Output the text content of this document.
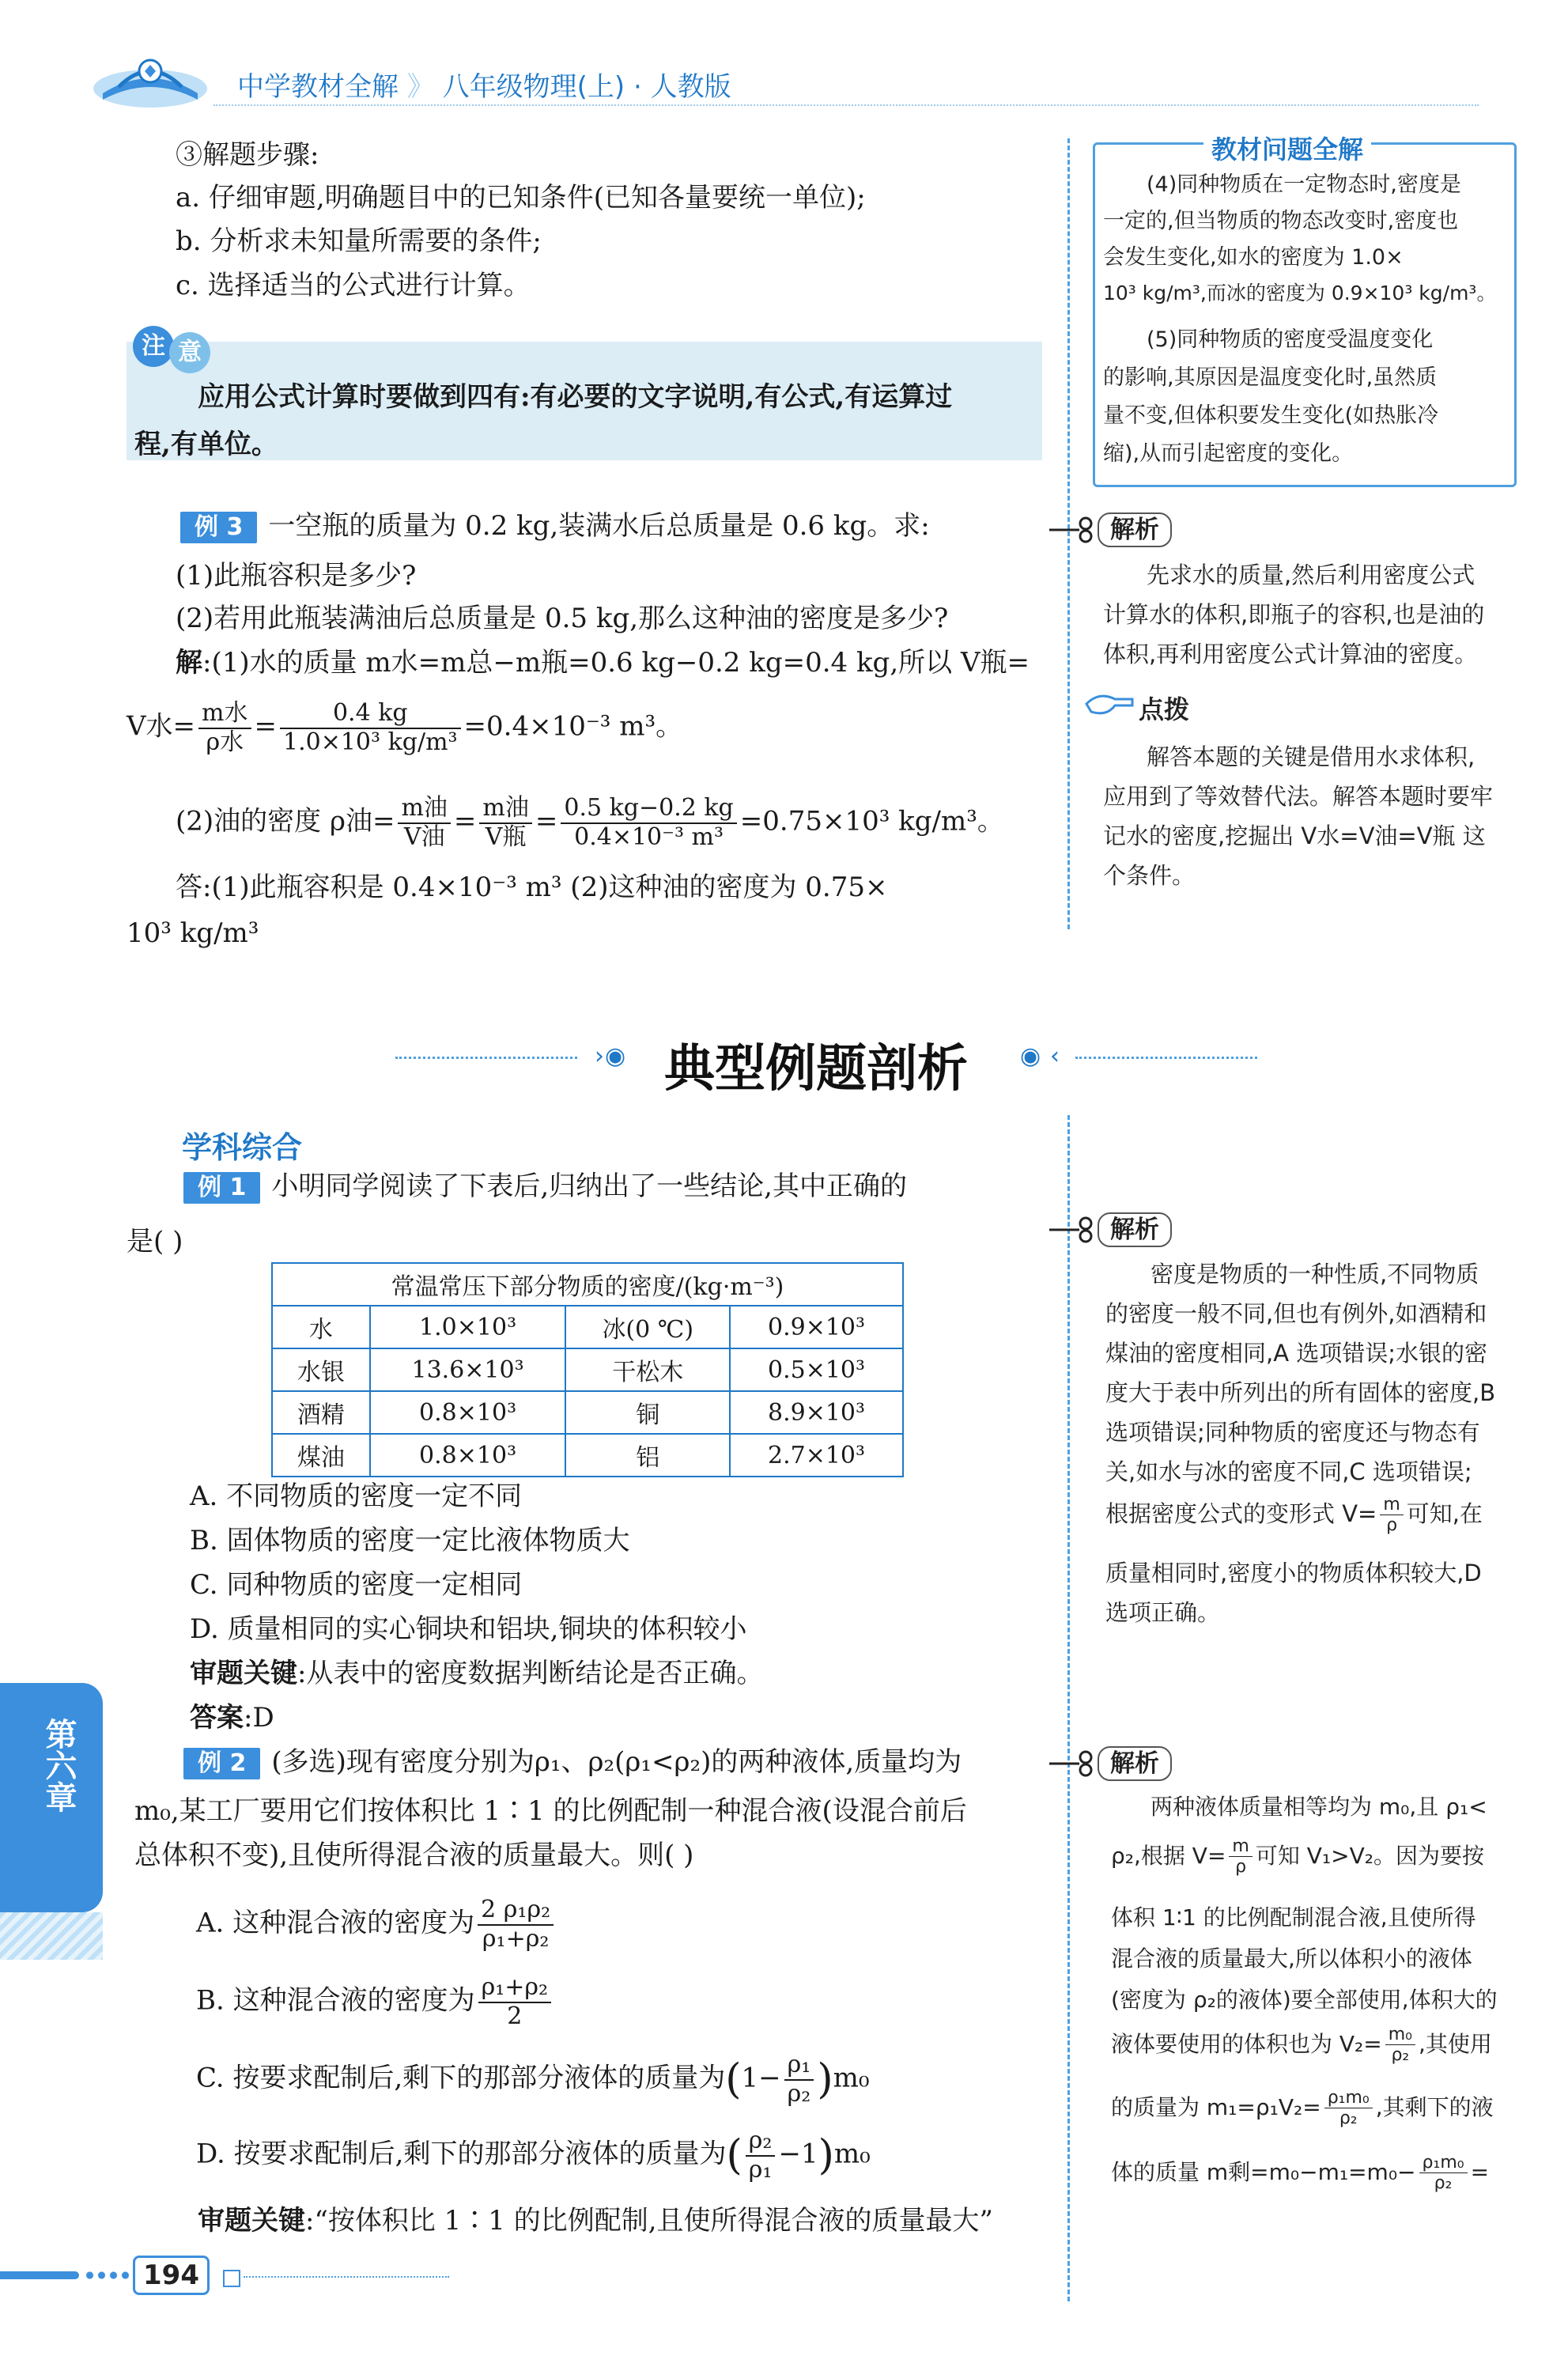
中学教材全解 》 八年级物理(上) · 人教版
③解题步骤:
a. 仔细审题,明确题目中的已知条件(已知各量要统一单位);
b. 分析求未知量所需要的条件;
c. 选择适当的公式进行计算。
注 意
应用公式计算时要做到四有:有必要的文字说明,有公式,有运算过
程,有单位。
教材问题全解
(4)同种物质在一定物态时,密度是
一定的,但当物质的物态改变时,密度也
会发生变化,如水的密度为 1.0×
10³ kg/m³,而冰的密度为 0.9×10³ kg/m³。
(5)同种物质的密度受温度变化
的影响,其原因是温度变化时,虽然质
量不变,但体积要发生变化(如热胀冷
缩),从而引起密度的变化。
例 3 一空瓶的质量为 0.2 kg,装满水后总质量是 0.6 kg。求:
(1)此瓶容积是多少?
(2)若用此瓶装满油后总质量是 0.5 kg,那么这种油的密度是多少?
解:(1)水的质量 m水=m总−m瓶=0.6 kg−0.2 kg=0.4 kg,所以 V瓶=
V水= $\frac{\text{m水}}{\text{ρ水}} = \frac{0.4 kg}{\text{1.0×10³ kg/m³}} =0.4\times 10^{-3}$ m³。
(2)油的密度 ρ油= $\frac{\text{m油}}{\text{V油}} = \frac{\text{m油}}{\text{V瓶}} = \frac{0.5 kg-0.2 kg}{\text{0.4×10⁻³ m³}} =0.75\times 10^3$ kg/m³。
答:(1)此瓶容积是 0.4×10⁻³ m³ (2)这种油的密度为 0.75×
10³ kg/m³
解析
先求水的质量,然后利用密度公式
计算水的体积,即瓶子的容积,也是油的
体积,再利用密度公式计算油的密度。
点拨
解答本题的关键是借用水求体积,
应用到了等效替代法。解答本题时要牢
记水的密度,挖掘出 V水=V油=V瓶 这
个条件。
› ◉ 典型例题剖析 ◉ ‹
学科综合
例 1 小明同学阅读了下表后,归纳出了一些结论,其中正确的
是( )
常温常压下部分物质的密度/(kg·m⁻³)			
水	1.0×10³	冰(0 ℃)	0.9×10³
水银	13.6×10³	干松木	0.5×10³
酒精	0.8×10³	铜	8.9×10³
煤油	0.8×10³	铝	2.7×10³
A. 不同物质的密度一定不同
B. 固体物质的密度一定比液体物质大
C. 同种物质的密度一定相同
D. 质量相同的实心铜块和铝块,铜块的体积较小
审题关键:从表中的密度数据判断结论是否正确。
答案:D
解析
密度是物质的一种性质,不同物质
的密度一般不同,但也有例外,如酒精和
煤油的密度相同,A 选项错误;水银的密
度大于表中所列出的所有固体的密度,B
选项错误;同种物质的密度还与物态有
关,如水与冰的密度不同,C 选项错误;
根据密度公式的变形式 $V= \frac{m}{\rho}$ 可知,在
质量相同时,密度小的物质体积较大,D
选项正确。
例 2 (多选)现有密度分别为ρ₁、ρ₂(ρ₁<ρ₂)的两种液体,质量均为
m₀,某工厂要用它们按体积比 1∶1 的比例配制一种混合液(设混合前后
总体积不变),且使所得混合液的质量最大。则( )
A. 这种混合液的密度为 $\frac{\text{2 ρ₁ρ₂}}{\text{ρ₁+ρ₂}}$
B. 这种混合液的密度为 $\frac{\text{ρ₁+ρ₂}}{2}$
C. 按要求配制后,剩下的那部分液体的质量为$(1- \frac{\text{ρ₁}}{\text{ρ₂}} )m_0$
D. 按要求配制后,剩下的那部分液体的质量为( $\frac{\text{ρ₂}}{\text{ρ₁}} -1)m_0$
审题关键:“按体积比 1∶1 的比例配制,且使所得混合液的质量最大”
解析
两种液体质量相等均为 m₀,且 ρ₁<
ρ₂,根据 $V= \frac{m}{\rho}$ 可知 V₁>V₂。因为要按
体积 1∶1 的比例配制混合液,且使所得
混合液的质量最大,所以体积小的液体
(密度为 ρ₂的液体)要全部使用,体积大的
液体要使用的体积也为 $V_2= \frac{\text{m₀}}{\text{ρ₂}}$ ,其使用
的质量为 $m_1=\rho_1V_2= \frac{\text{ρ₁m₀}}{\text{ρ₂}}$ ,其剩下的液
体的质量 m剩$=m_0-m_1=m_0- \frac{\text{ρ₁m₀}}{\text{ρ₂}}$ =
第六章
194
